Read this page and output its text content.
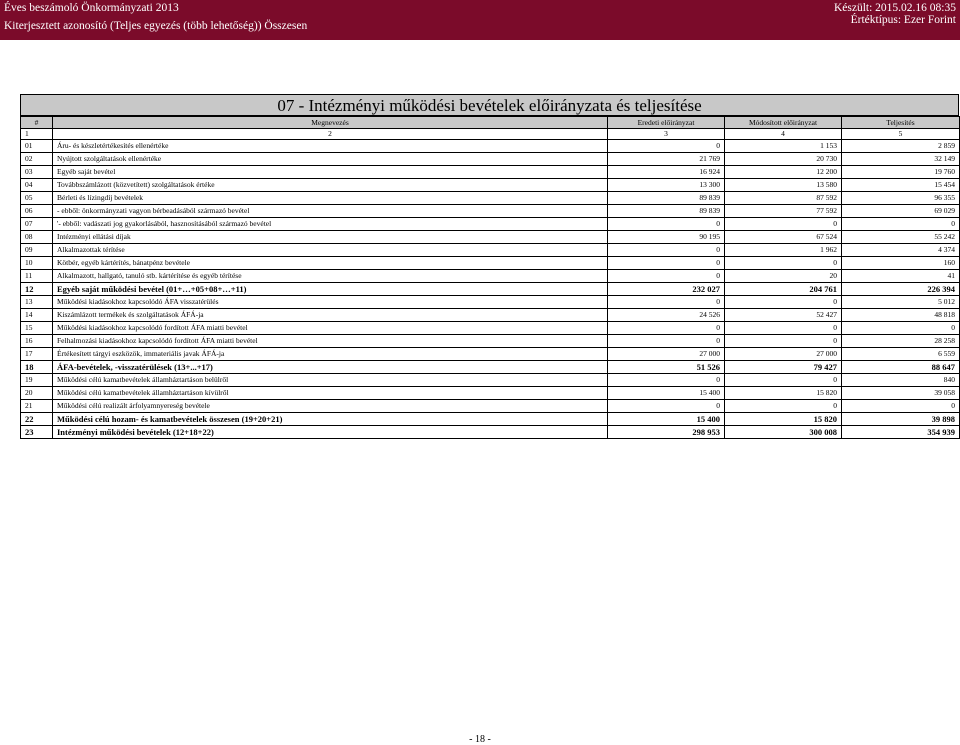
Éves beszámoló Önkormányzati 2013
Kiterjesztett azonosító (Teljes egyezés (több lehetőség)) Összesen
Készült: 2015.02.16 08:35
Értéktípus: Ezer Forint
07 - Intézményi működési bevételek előirányzata és teljesítése
#	Megnevezés	Eredeti előirányzat	Módosított előirányzat	Teljesítés
1	2	3	4	5
01	Áru- és készletértékesítés ellenértéke	0	1 153	2 859
02	Nyújtott szolgáltatások ellenértéke	21 769	20 730	32 149
03	Egyéb saját bevétel	16 924	12 200	19 760
04	Továbbszámlázott (közvetített) szolgáltatások értéke	13 300	13 580	15 454
05	Bérleti és lízingdíj bevételek	89 839	87 592	96 355
06	- ebből: önkormányzati vagyon bérbeadásából származó bevétel	89 839	77 592	69 029
07	'- ebből: vadászati jog gyakorlásából, hasznosításából származó bevétel	0	0	0
08	Intézményi ellátási díjak	90 195	67 524	55 242
09	Alkalmazottak térítése	0	1 962	4 374
10	Kötbér, egyéb kártérítés, bánatpénz bevétele	0	0	160
11	Alkalmazott, hallgató, tanuló stb. kártérítése és egyéb térítése	0	20	41
12	Egyéb saját működési bevétel (01+…+05+08+…+11)	232 027	204 761	226 394
13	Működési kiadásokhoz kapcsolódó ÁFA visszatérülés	0	0	5 012
14	Kiszámlázott termékek és szolgáltatások ÁFÁ-ja	24 526	52 427	48 818
15	Működési kiadásokhoz kapcsolódó fordított ÁFA miatti bevétel	0	0	0
16	Felhalmozási kiadásokhoz kapcsolódó fordított ÁFA miatti bevétel	0	0	28 258
17	Értékesített tárgyi eszközök, immateriális javak ÁFÁ-ja	27 000	27 000	6 559
18	ÁFA-bevételek, -visszatérülések (13+...+17)	51 526	79 427	88 647
19	Működési célú kamatbevételek államháztartáson belülről	0	0	840
20	Működési célú kamatbevételek államháztartáson kívülről	15 400	15 820	39 058
21	Működési célú realizált árfolyamnyereség bevétele	0	0	0
22	Működési célú hozam- és kamatbevételek összesen (19+20+21)	15 400	15 820	39 898
23	Intézményi működési bevételek (12+18+22)	298 953	300 008	354 939
- 18 -
